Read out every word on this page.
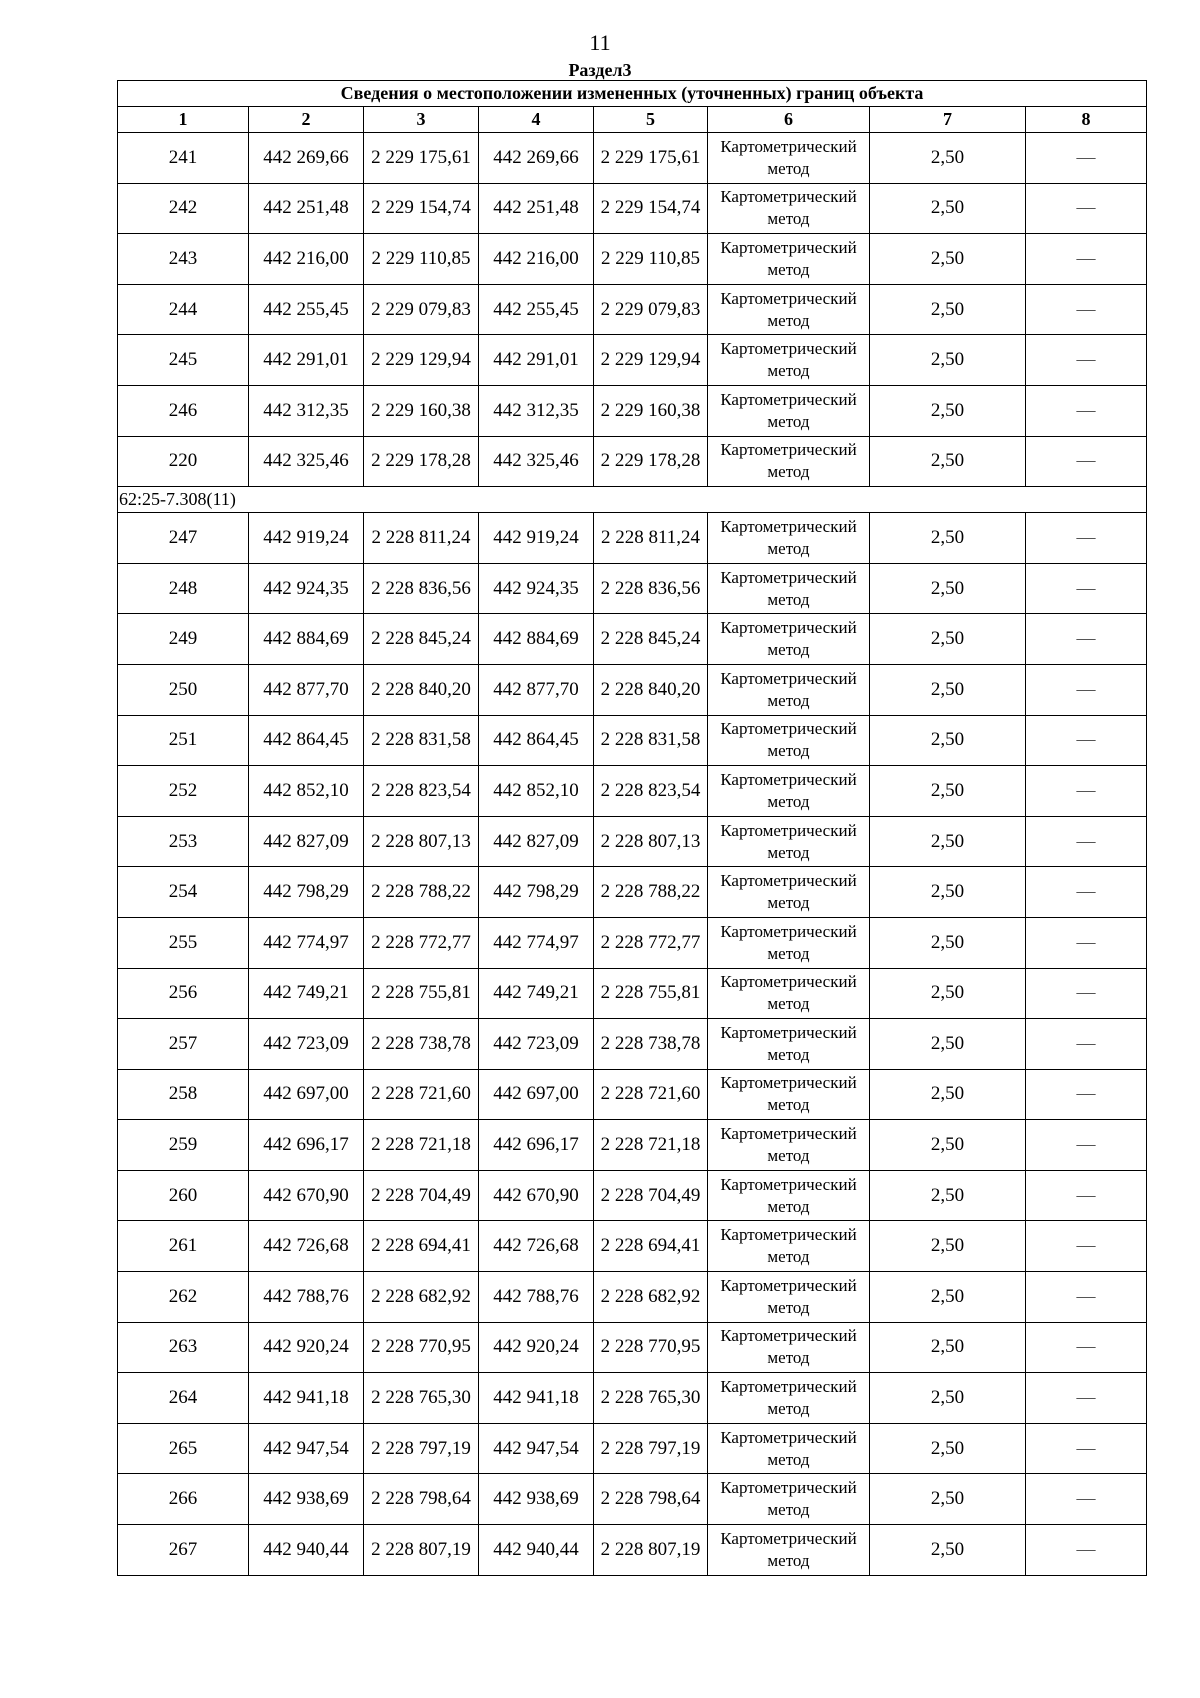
11
Раздел3
Сведения о местоположении измененных (уточненных) границ объекта							
1	2	3	4	5	6	7	8
241	442 269,66	2 229 175,61	442 269,66	2 229 175,61	Картометрический метод	2,50	—
242	442 251,48	2 229 154,74	442 251,48	2 229 154,74	Картометрический метод	2,50	—
243	442 216,00	2 229 110,85	442 216,00	2 229 110,85	Картометрический метод	2,50	—
244	442 255,45	2 229 079,83	442 255,45	2 229 079,83	Картометрический метод	2,50	—
245	442 291,01	2 229 129,94	442 291,01	2 229 129,94	Картометрический метод	2,50	—
246	442 312,35	2 229 160,38	442 312,35	2 229 160,38	Картометрический метод	2,50	—
220	442 325,46	2 229 178,28	442 325,46	2 229 178,28	Картометрический метод	2,50	—
62:25-7.308(11)							
247	442 919,24	2 228 811,24	442 919,24	2 228 811,24	Картометрический метод	2,50	—
248	442 924,35	2 228 836,56	442 924,35	2 228 836,56	Картометрический метод	2,50	—
249	442 884,69	2 228 845,24	442 884,69	2 228 845,24	Картометрический метод	2,50	—
250	442 877,70	2 228 840,20	442 877,70	2 228 840,20	Картометрический метод	2,50	—
251	442 864,45	2 228 831,58	442 864,45	2 228 831,58	Картометрический метод	2,50	—
252	442 852,10	2 228 823,54	442 852,10	2 228 823,54	Картометрический метод	2,50	—
253	442 827,09	2 228 807,13	442 827,09	2 228 807,13	Картометрический метод	2,50	—
254	442 798,29	2 228 788,22	442 798,29	2 228 788,22	Картометрический метод	2,50	—
255	442 774,97	2 228 772,77	442 774,97	2 228 772,77	Картометрический метод	2,50	—
256	442 749,21	2 228 755,81	442 749,21	2 228 755,81	Картометрический метод	2,50	—
257	442 723,09	2 228 738,78	442 723,09	2 228 738,78	Картометрический метод	2,50	—
258	442 697,00	2 228 721,60	442 697,00	2 228 721,60	Картометрический метод	2,50	—
259	442 696,17	2 228 721,18	442 696,17	2 228 721,18	Картометрический метод	2,50	—
260	442 670,90	2 228 704,49	442 670,90	2 228 704,49	Картометрический метод	2,50	—
261	442 726,68	2 228 694,41	442 726,68	2 228 694,41	Картометрический метод	2,50	—
262	442 788,76	2 228 682,92	442 788,76	2 228 682,92	Картометрический метод	2,50	—
263	442 920,24	2 228 770,95	442 920,24	2 228 770,95	Картометрический метод	2,50	—
264	442 941,18	2 228 765,30	442 941,18	2 228 765,30	Картометрический метод	2,50	—
265	442 947,54	2 228 797,19	442 947,54	2 228 797,19	Картометрический метод	2,50	—
266	442 938,69	2 228 798,64	442 938,69	2 228 798,64	Картометрический метод	2,50	—
267	442 940,44	2 228 807,19	442 940,44	2 228 807,19	Картометрический метод	2,50	—
